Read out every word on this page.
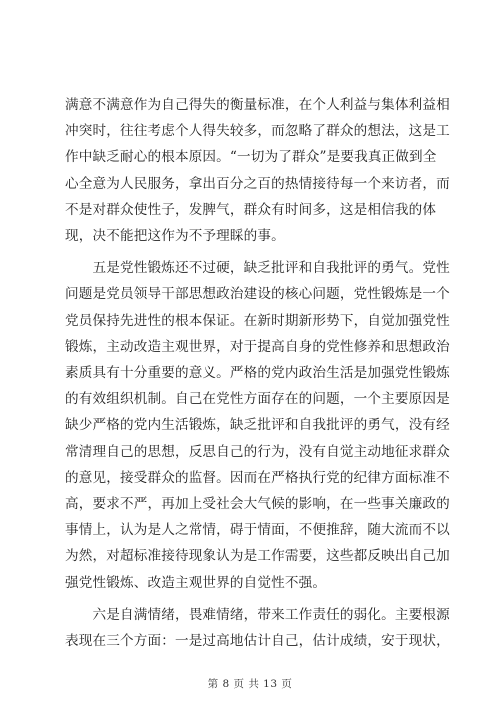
满意不满意作为自己得失的衡量标准，在个人利益与集体利益相
冲突时，往往考虑个人得失较多，而忽略了群众的想法，这是工
作中缺乏耐心的根本原因。“一切为了群众”是要我真正做到全
心全意为人民服务，拿出百分之百的热情接待每一个来访者，而
不是对群众使性子，发脾气，群众有时间多，这是相信我的体
现，决不能把这作为不予理睬的事。

　　五是党性锻炼还不过硬，缺乏批评和自我批评的勇气。党性
问题是党员领导干部思想政治建设的核心问题，党性锻炼是一个
党员保持先进性的根本保证。在新时期新形势下，自觉加强党性
锻炼，主动改造主观世界，对于提高自身的党性修养和思想政治
素质具有十分重要的意义。严格的党内政治生活是加强党性锻炼
的有效组织机制。自己在党性方面存在的问题，一个主要原因是
缺少严格的党内生活锻炼，缺乏批评和自我批评的勇气，没有经
常清理自己的思想，反思自己的行为，没有自觉主动地征求群众
的意见，接受群众的监督。因而在严格执行党的纪律方面标准不
高，要求不严，再加上受社会大气候的影响，在一些事关廉政的
事情上，认为是人之常情，碍于情面，不便推辞，随大流而不以
为然，对超标准接待现象认为是工作需要，这些都反映出自己加
强党性锻炼、改造主观世界的自觉性不强。

　　六是自满情绪，畏难情绪，带来工作责任的弱化。主要根源
表现在三个方面：一是过高地估计自己，估计成绩，安于现状，

第 8 页 共 13 页
